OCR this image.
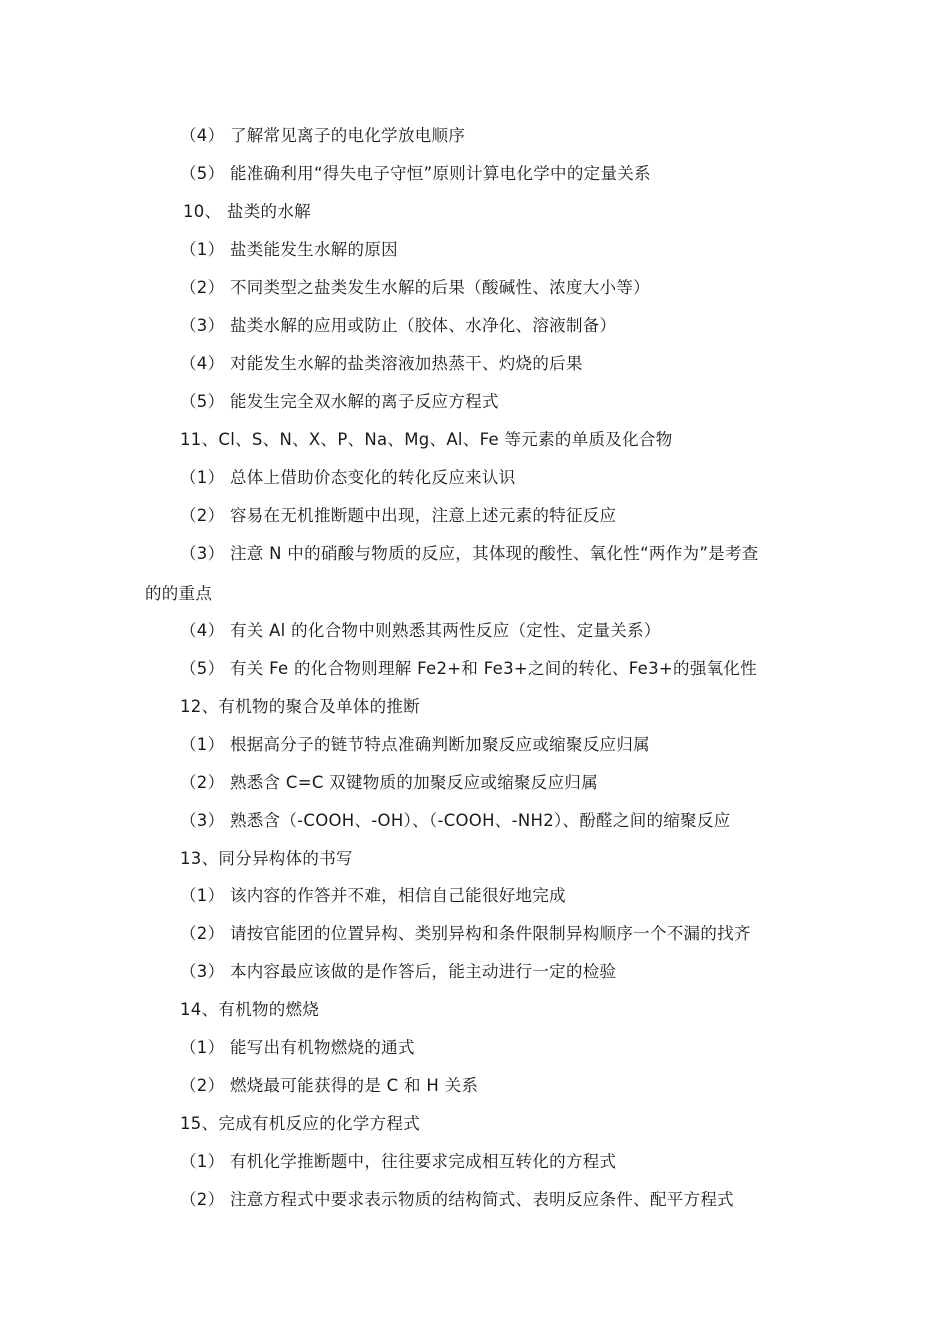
（4） 了解常见离子的电化学放电顺序
（5） 能准确利用“得失电子守恒”原则计算电化学中的定量关系
10、 盐类的水解
（1） 盐类能发生水解的原因
（2） 不同类型之盐类发生水解的后果（酸碱性、浓度大小等）
（3） 盐类水解的应用或防止（胶体、水净化、溶液制备）
（4） 对能发生水解的盐类溶液加热蒸干、灼烧的后果
（5） 能发生完全双水解的离子反应方程式
11、Cl、S、N、X、P、Na、Mg、Al、Fe 等元素的单质及化合物
（1） 总体上借助价态变化的转化反应来认识
（2） 容易在无机推断题中出现，注意上述元素的特征反应
（3） 注意 N 中的硝酸与物质的反应，其体现的酸性、氧化性“两作为”是考查
的的重点
（4） 有关 Al 的化合物中则熟悉其两性反应（定性、定量关系）
（5） 有关 Fe 的化合物则理解 Fe2+和 Fe3+之间的转化、Fe3+的强氧化性
12、有机物的聚合及单体的推断
（1） 根据高分子的链节特点准确判断加聚反应或缩聚反应归属
（2） 熟悉含 C=C 双键物质的加聚反应或缩聚反应归属
（3） 熟悉含（-COOH、-OH）、（-COOH、-NH2）、酚醛之间的缩聚反应
13、同分异构体的书写
（1） 该内容的作答并不难，相信自己能很好地完成
（2） 请按官能团的位置异构、类别异构和条件限制异构顺序一个不漏的找齐
（3） 本内容最应该做的是作答后，能主动进行一定的检验
14、有机物的燃烧
（1） 能写出有机物燃烧的通式
（2） 燃烧最可能获得的是 C 和 H 关系
15、完成有机反应的化学方程式
（1） 有机化学推断题中，往往要求完成相互转化的方程式
（2） 注意方程式中要求表示物质的结构简式、表明反应条件、配平方程式
